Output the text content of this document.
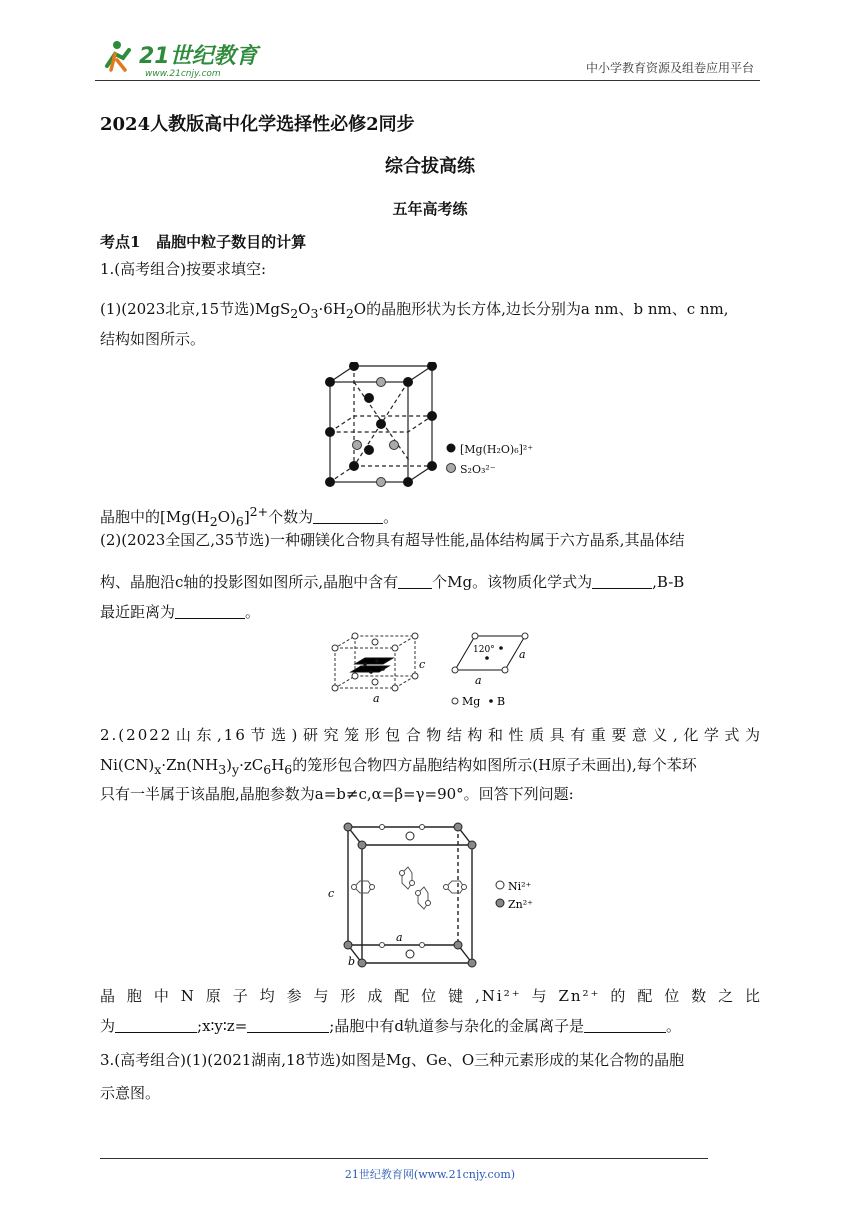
21世纪教育
www.21cnjy.com	中小学教育资源及组卷应用平台
2024人教版高中化学选择性必修2同步
综合拔高练
五年高考练
考点1 晶胞中粒子数目的计算
1.(高考组合)按要求填空:
(1)(2023北京,15节选)$MgS_2O_3\cdot 6H_2O$的晶胞形状为长方体,边长分别为a nm、b nm、c nm,
结构如图所示。
[Mg(H₂O)₆]²⁺
S₂O₃²⁻
晶胞中的$[Mg(H_2O)_6]^{2+}$个数为	。
(2)(2023全国乙,35节选)一种硼镁化合物具有超导性能,晶体结构属于六方晶系,其晶体结
构、晶胞沿c轴的投影图如图所示,晶胞中含有 个Mg。该物质化学式为	,B-B
最近距离为	。
c
a
120° a
a
Mg B
2.(2022山东,16节选)研究笼形包合物结构和性质具有重要意义,化学式为
$Ni(CN)_x\cdot Zn(NH_3)_y\cdot zC_6H_6$的笼形包合物四方晶胞结构如图所示(H原子未画出),每个苯环
只有一半属于该晶胞,晶胞参数为a=b≠c,α=β=γ=90°。回答下列问题:
c
a
b
Ni²⁺
Zn²⁺
晶胞中N原子均参与形成配位键,Ni²⁺与Zn²⁺的配位数之比
为	;x∶y∶z=	;晶胞中有d轨道参与杂化的金属离子是	。
3.(高考组合)(1)(2021湖南,18节选)如图是Mg、Ge、O三种元素形成的某化合物的晶胞
示意图。
21世纪教育网(www.21cnjy.com)
